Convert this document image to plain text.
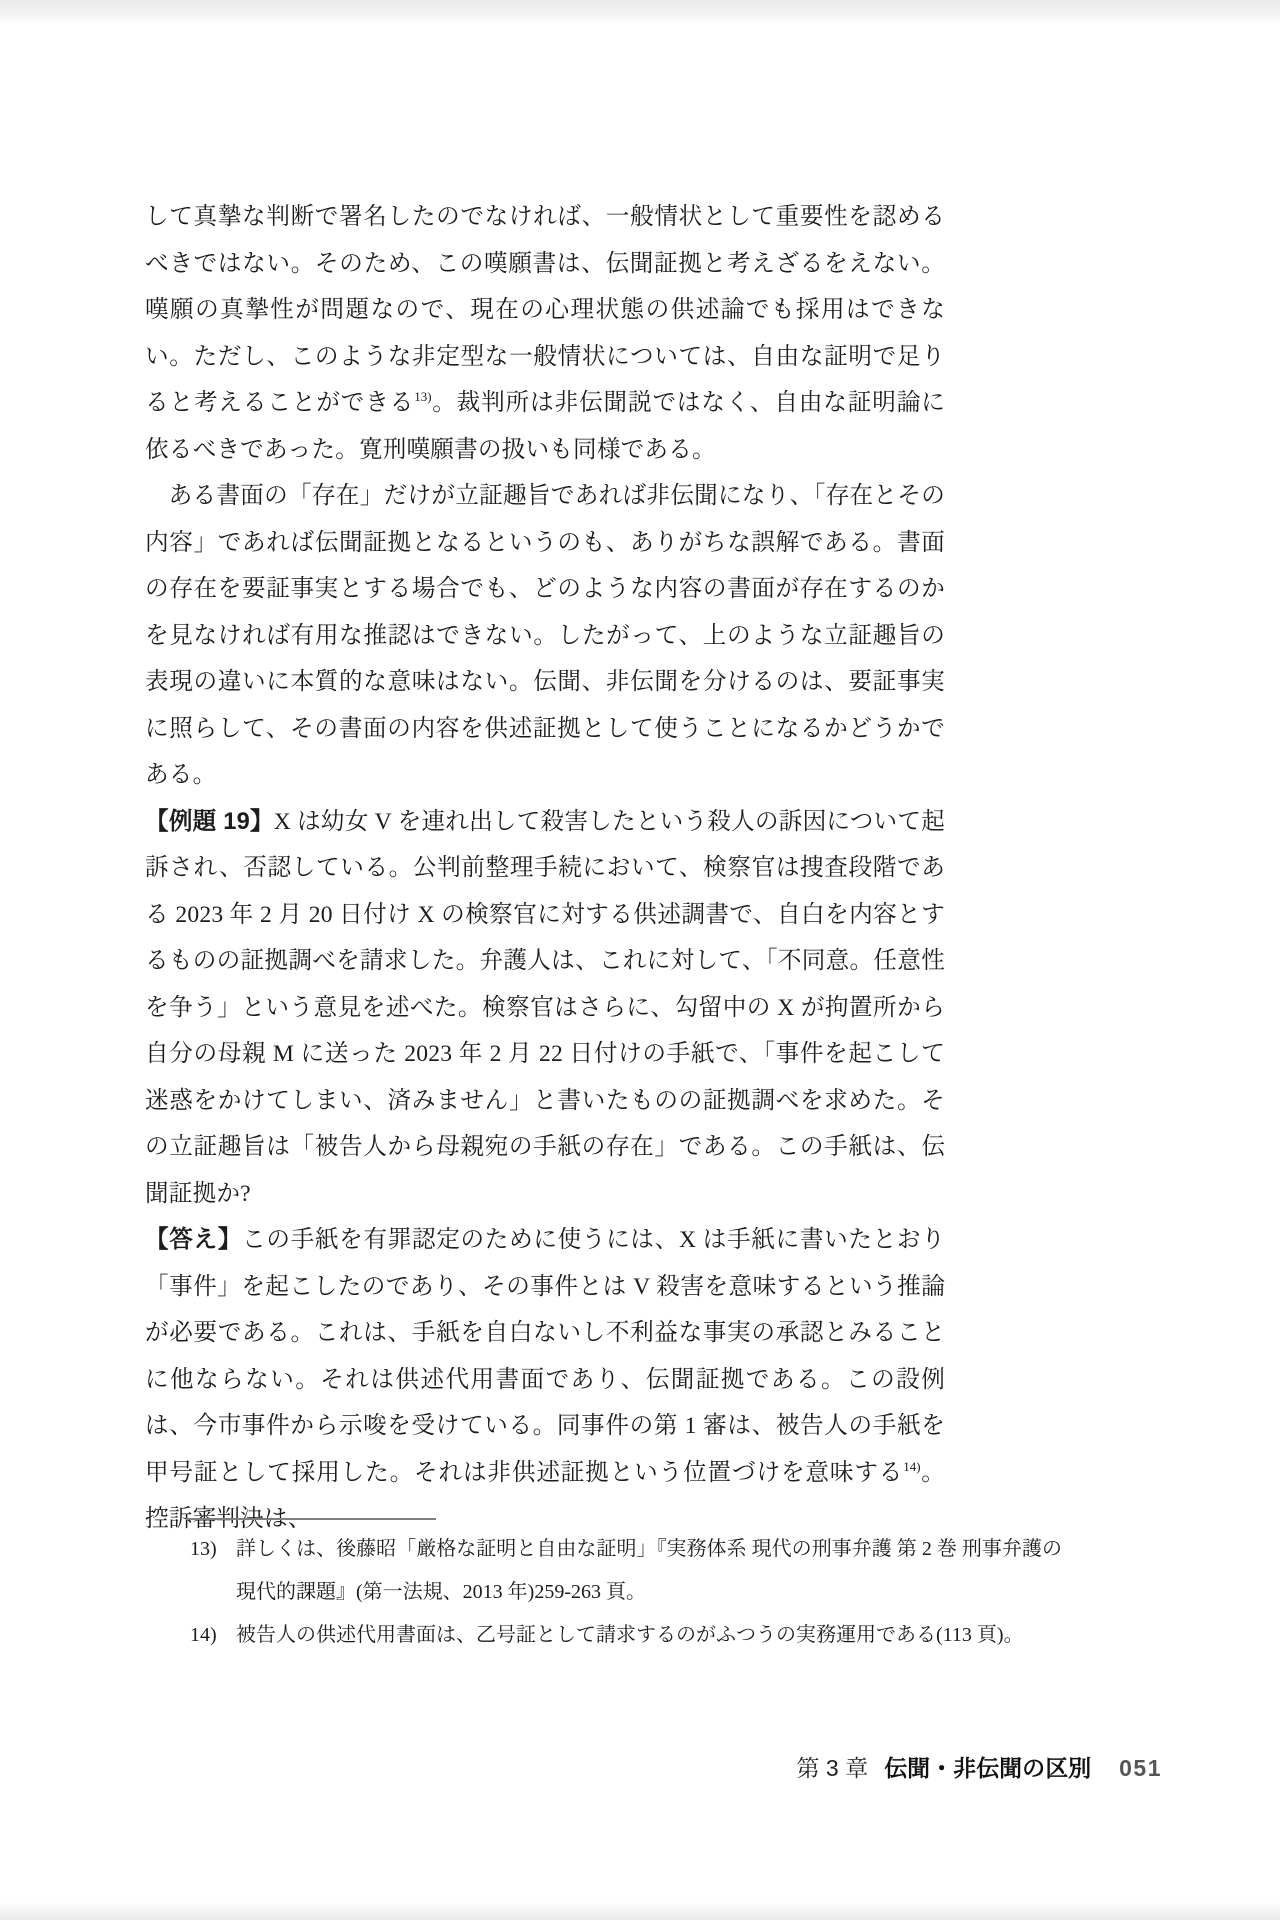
して真摯な判断で署名したのでなければ、一般情状として重要性を認めるべきではない。そのため、この嘆願書は、伝聞証拠と考えざるをえない。嘆願の真摯性が問題なので、現在の心理状態の供述論でも採用はできない。ただし、このような非定型な一般情状については、自由な証明で足りると考えることができる$^{13)}$。裁判所は非伝聞説ではなく、自由な証明論に依るべきであった。寛刑嘆願書の扱いも同様である。

ある書面の「存在」だけが立証趣旨であれば非伝聞になり、「存在とその内容」であれば伝聞証拠となるというのも、ありがちな誤解である。書面の存在を要証事実とする場合でも、どのような内容の書面が存在するのかを見なければ有用な推認はできない。したがって、上のような立証趣旨の表現の違いに本質的な意味はない。伝聞、非伝聞を分けるのは、要証事実に照らして、その書面の内容を供述証拠として使うことになるかどうかである。

【例題 19】X は幼女 V を連れ出して殺害したという殺人の訴因について起訴され、否認している。公判前整理手続において、検察官は捜査段階である 2023 年 2 月 20 日付け X の検察官に対する供述調書で、自白を内容とするものの証拠調べを請求した。弁護人は、これに対して、「不同意。任意性を争う」という意見を述べた。検察官はさらに、勾留中の X が拘置所から自分の母親 M に送った 2023 年 2 月 22 日付けの手紙で、「事件を起こして迷惑をかけてしまい、済みません」と書いたものの証拠調べを求めた。その立証趣旨は「被告人から母親宛の手紙の存在」である。この手紙は、伝聞証拠か?

【答え】この手紙を有罪認定のために使うには、X は手紙に書いたとおり「事件」を起こしたのであり、その事件とは V 殺害を意味するという推論が必要である。これは、手紙を自白ないし不利益な事実の承認とみることに他ならない。それは供述代用書面であり、伝聞証拠である。この設例は、今市事件から示唆を受けている。同事件の第 1 審は、被告人の手紙を甲号証として採用した。それは非供述証拠という位置づけを意味する$^{14)}$。控訴審判決は、

13) 詳しくは、後藤昭「厳格な証明と自由な証明」『実務体系 現代の刑事弁護 第 2 巻 刑事弁護の現代的課題』(第一法規、2013 年)259-263 頁。
14) 被告人の供述代用書面は、乙号証として請求するのがふつうの実務運用である(113 頁)。
第 3 章 伝聞・非伝聞の区別 051
